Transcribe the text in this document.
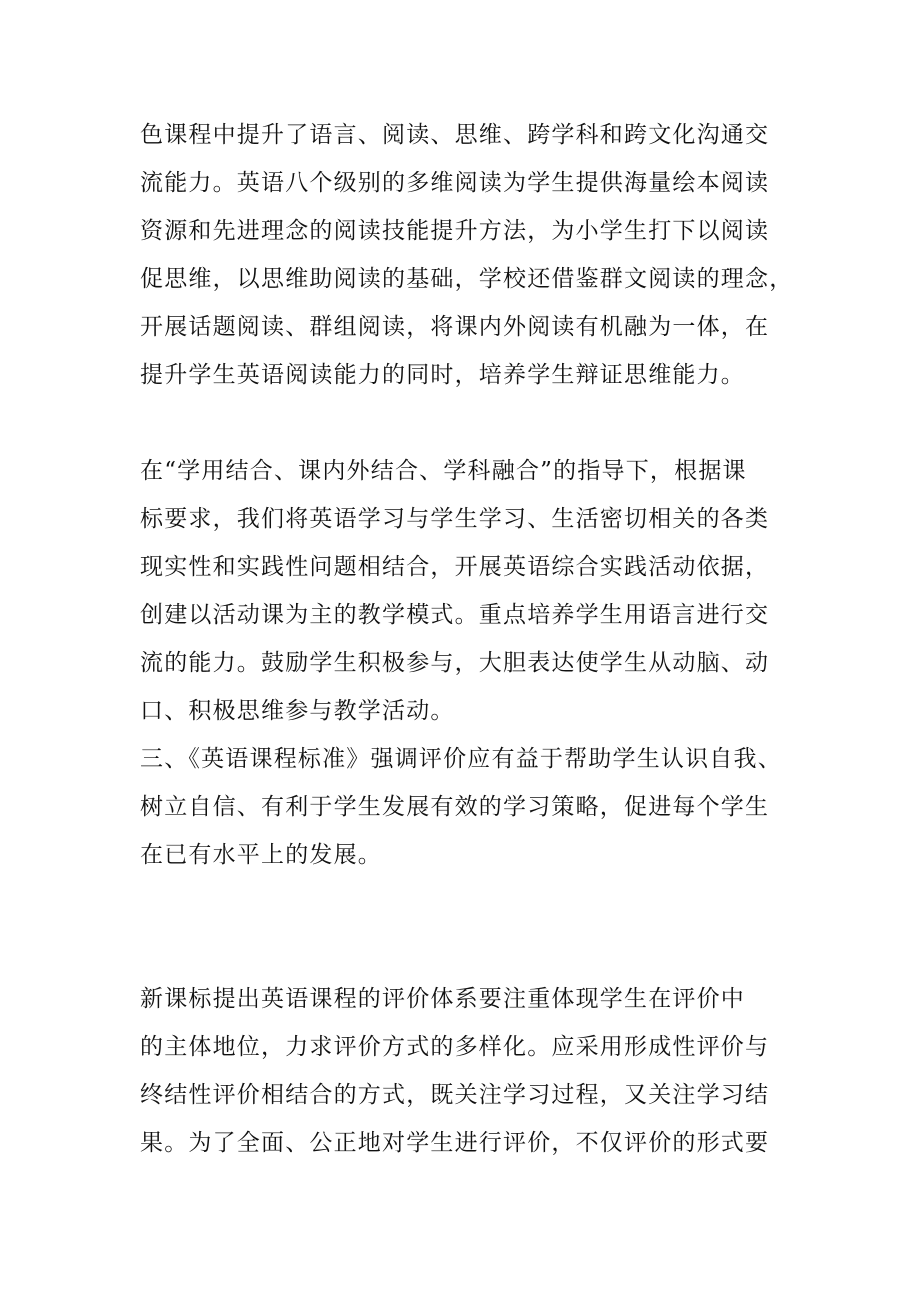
色课程中提升了语言、阅读、思维、跨学科和跨文化沟通交
流能力。英语八个级别的多维阅读为学生提供海量绘本阅读
资源和先进理念的阅读技能提升方法，为小学生打下以阅读
促思维，以思维助阅读的基础，学校还借鉴群文阅读的理念，
开展话题阅读、群组阅读，将课内外阅读有机融为一体，在
提升学生英语阅读能力的同时，培养学生辩证思维能力。
在“学用结合、课内外结合、学科融合”的指导下，根据课
标要求，我们将英语学习与学生学习、生活密切相关的各类
现实性和实践性问题相结合，开展英语综合实践活动依据，
创建以活动课为主的教学模式。重点培养学生用语言进行交
流的能力。鼓励学生积极参与，大胆表达使学生从动脑、动
口、积极思维参与教学活动。
三、《英语课程标准》强调评价应有益于帮助学生认识自我、
树立自信、有利于学生发展有效的学习策略，促进每个学生
在已有水平上的发展。
新课标提出英语课程的评价体系要注重体现学生在评价中
的主体地位，力求评价方式的多样化。应采用形成性评价与
终结性评价相结合的方式，既关注学习过程，又关注学习结
果。为了全面、公正地对学生进行评价，不仅评价的形式要
